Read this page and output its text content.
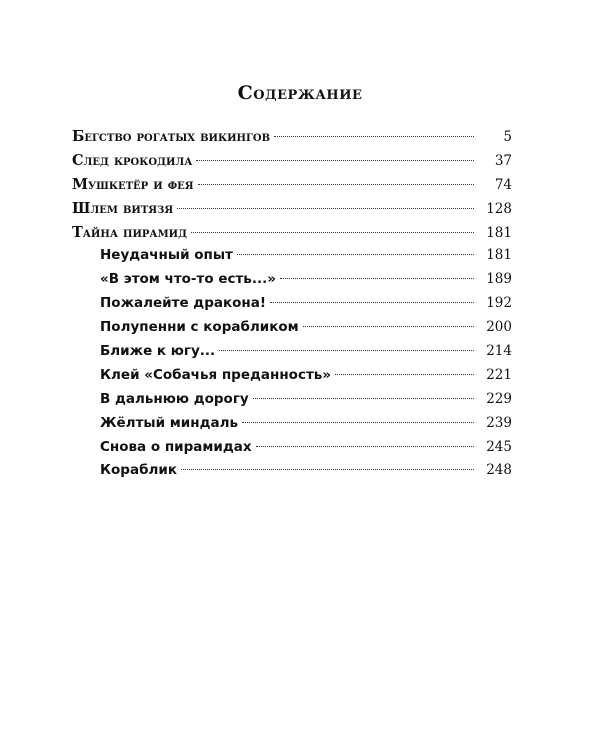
Содержание
Бегство рогатых викингов	5
След крокодила	37
Мушкетёр и фея	74
Шлем витязя	128
Тайна пирамид	181
Неудачный опыт	181
«В этом что-то есть...»	189
Пожалейте дракона!	192
Полупенни с корабликом	200
Ближе к югу...	214
Клей «Собачья преданность»	221
В дальнюю дорогу	229
Жёлтый миндаль	239
Снова о пирамидах	245
Кораблик	248
